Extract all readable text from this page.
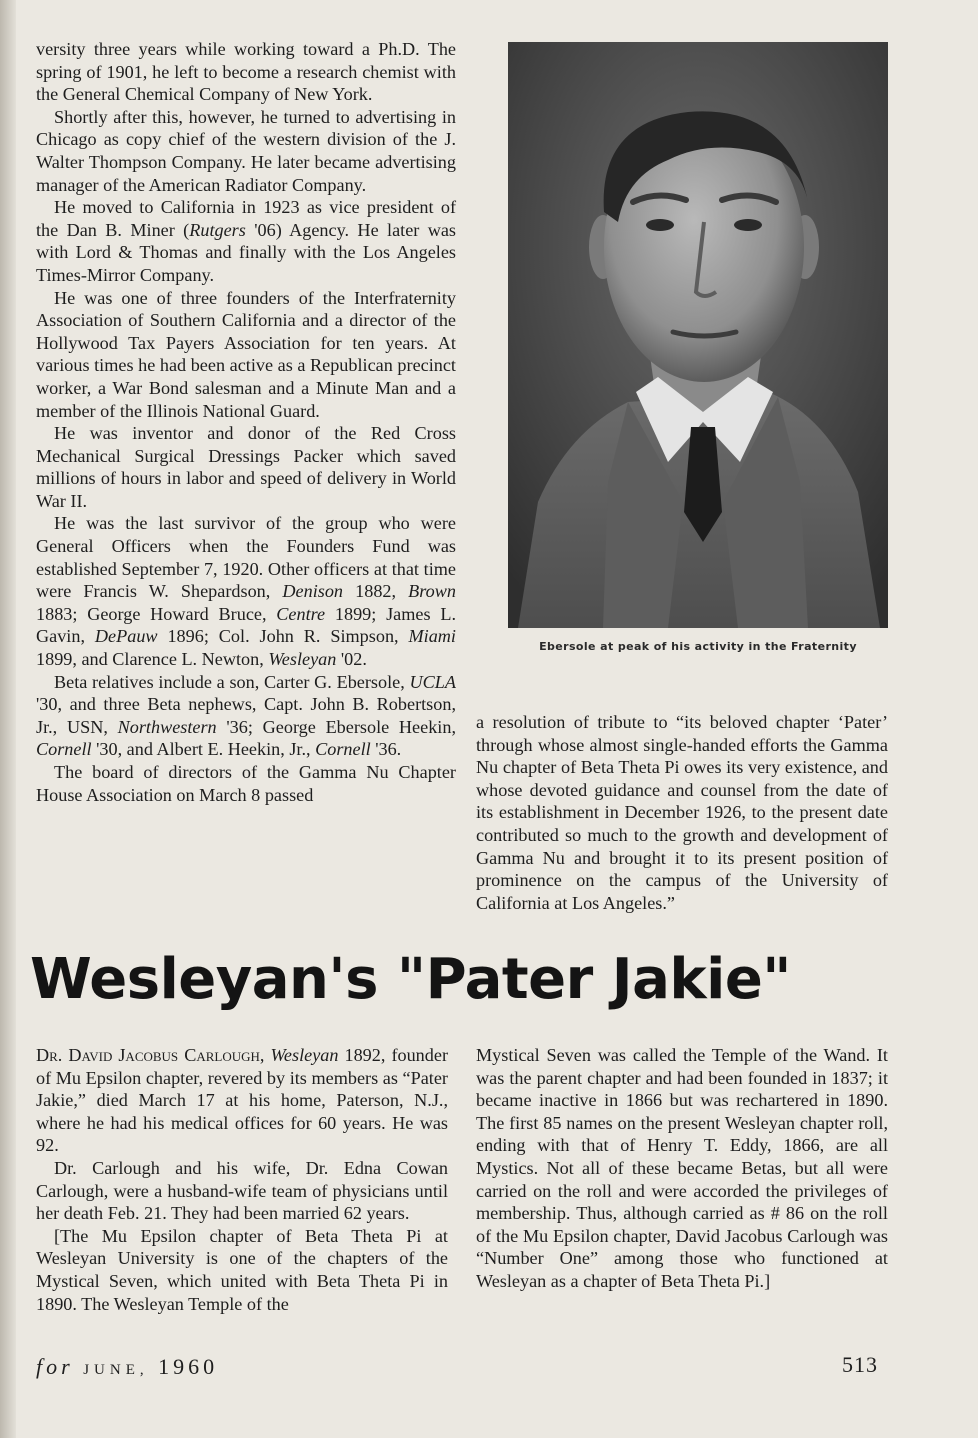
versity three years while working toward a Ph.D. The spring of 1901, he left to become a research chemist with the General Chemical Company of New York.

Shortly after this, however, he turned to advertising in Chicago as copy chief of the western division of the J. Walter Thompson Company. He later became advertising manager of the American Radiator Company.

He moved to California in 1923 as vice president of the Dan B. Miner (Rutgers '06) Agency. He later was with Lord & Thomas and finally with the Los Angeles Times-Mirror Company.

He was one of three founders of the Interfraternity Association of Southern California and a director of the Hollywood Tax Payers Association for ten years. At various times he had been active as a Republican precinct worker, a War Bond salesman and a Minute Man and a member of the Illinois National Guard.

He was inventor and donor of the Red Cross Mechanical Surgical Dressings Packer which saved millions of hours in labor and speed of delivery in World War II.

He was the last survivor of the group who were General Officers when the Founders Fund was established September 7, 1920. Other officers at that time were Francis W. Shepardson, Denison 1882, Brown 1883; George Howard Bruce, Centre 1899; James L. Gavin, DePauw 1896; Col. John R. Simpson, Miami 1899, and Clarence L. Newton, Wesleyan '02.

Beta relatives include a son, Carter G. Ebersole, UCLA '30, and three Beta nephews, Capt. John B. Robertson, Jr., USN, Northwestern '36; George Ebersole Heekin, Cornell '30, and Albert E. Heekin, Jr., Cornell '36.

The board of directors of the Gamma Nu Chapter House Association on March 8 passed

Ebersole at peak of his activity in the Fraternity

a resolution of tribute to “its beloved chapter ‘Pater’ through whose almost single-handed efforts the Gamma Nu chapter of Beta Theta Pi owes its very existence, and whose devoted guidance and counsel from the date of its establishment in December 1926, to the present date contributed so much to the growth and development of Gamma Nu and brought it to its present position of prominence on the campus of the University of California at Los Angeles.”

Wesleyan's "Pater Jakie"

Dr. David Jacobus Carlough, Wesleyan 1892, founder of Mu Epsilon chapter, revered by its members as “Pater Jakie,” died March 17 at his home, Paterson, N.J., where he had his medical offices for 60 years. He was 92.

Dr. Carlough and his wife, Dr. Edna Cowan Carlough, were a husband-wife team of physicians until her death Feb. 21. They had been married 62 years.

[The Mu Epsilon chapter of Beta Theta Pi at Wesleyan University is one of the chapters of the Mystical Seven, which united with Beta Theta Pi in 1890. The Wesleyan Temple of the

Mystical Seven was called the Temple of the Wand. It was the parent chapter and had been founded in 1837; it became inactive in 1866 but was rechartered in 1890. The first 85 names on the present Wesleyan chapter roll, ending with that of Henry T. Eddy, 1866, are all Mystics. Not all of these became Betas, but all were carried on the roll and were accorded the privileges of membership. Thus, although carried as # 86 on the roll of the Mu Epsilon chapter, David Jacobus Carlough was “Number One” among those who functioned at Wesleyan as a chapter of Beta Theta Pi.]

for JUNE, 1960	513
